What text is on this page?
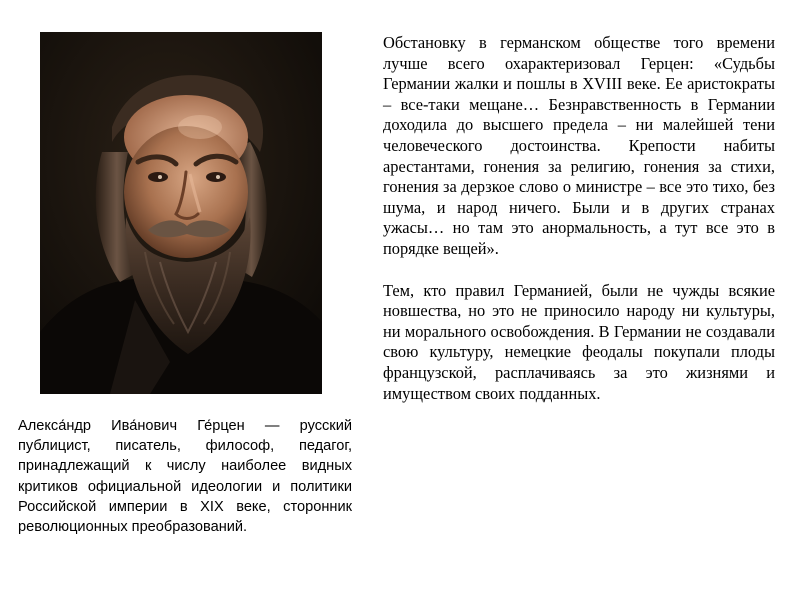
Алекса́ндр Ива́нович Ге́рцен — русский публицист, писатель, философ, педагог, принадлежащий к числу наиболее видных критиков официальной идеологии и политики Российской империи в XIX веке, сторонник революционных преобразований.

Обстановку в германском обществе того времени лучше всего охарактеризовал Герцен: «Судьбы Германии жалки и пошлы в XVIII веке. Ее аристократы – все-таки мещане… Безнравственность в Германии доходила до высшего предела – ни малейшей тени человеческого достоинства. Крепости набиты арестантами, гонения за религию, гонения за стихи, гонения за дерзкое слово о министре – все это тихо, без шума, и народ ничего. Были и в других странах ужасы… но там это анормальность, а тут все это в порядке вещей».

Тем, кто правил Германией, были не чужды всякие новшества, но это не приносило народу ни культуры, ни морального освобождения. В Германии не создавали свою культуру, немецкие феодалы покупали плоды французской, расплачиваясь за это жизнями и имуществом своих подданных.
